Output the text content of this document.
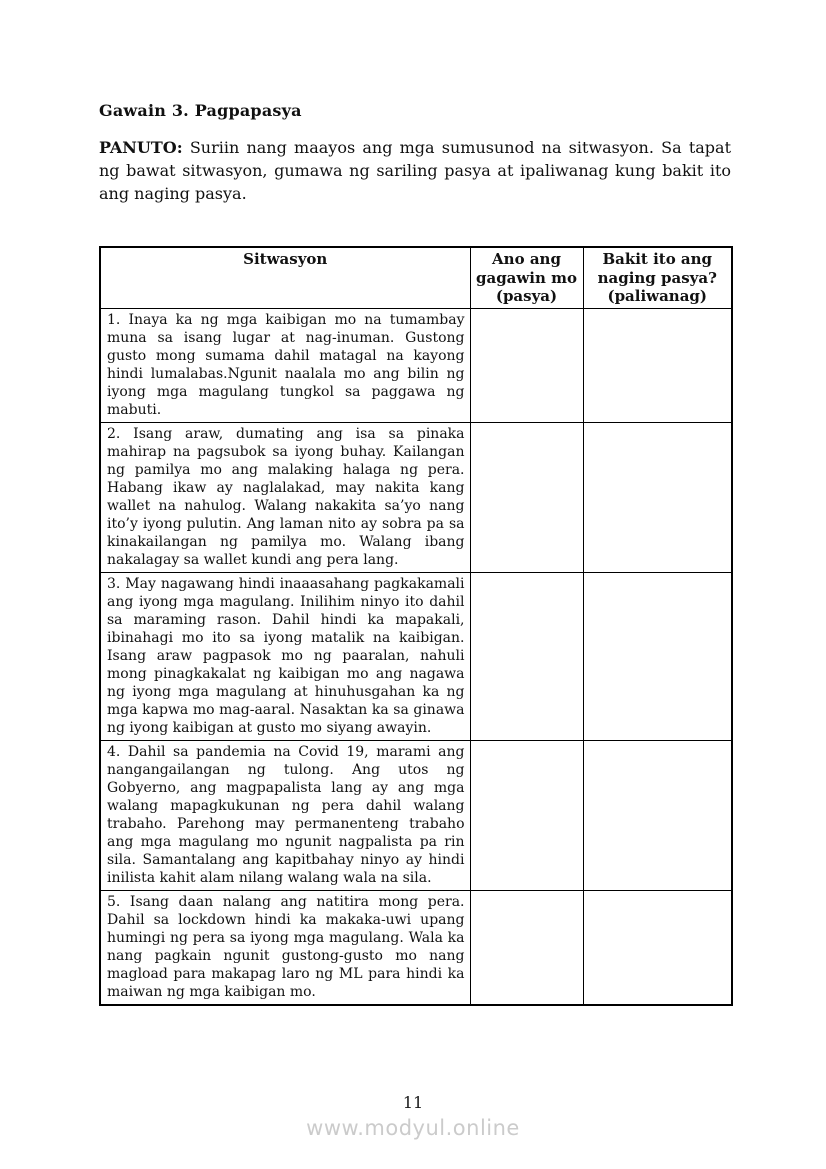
Gawain 3. Pagpapasya

PANUTO: Suriin nang maayos ang mga sumusunod na sitwasyon. Sa tapat ng bawat sitwasyon, gumawa ng sariling pasya at ipaliwanag kung bakit ito ang naging pasya.

Sitwasyon	Ano ang gagawin mo (pasya)	Bakit ito ang naging pasya? (paliwanag)
1. Inaya ka ng mga kaibigan mo na tumambay muna sa isang lugar at nag-inuman. Gustong gusto mong sumama dahil matagal na kayong hindi lumalabas.Ngunit naalala mo ang bilin ng iyong mga magulang tungkol sa paggawa ng mabuti.		
2. Isang araw, dumating ang isa sa pinaka mahirap na pagsubok sa iyong buhay. Kailangan ng pamilya mo ang malaking halaga ng pera. Habang ikaw ay naglalakad, may nakita kang wallet na nahulog. Walang nakakita sa’yo nang ito’y iyong pulutin. Ang laman nito ay sobra pa sa kinakailangan ng pamilya mo. Walang ibang nakalagay sa wallet kundi ang pera lang.		
3. May nagawang hindi inaaasahang pagkakamali ang iyong mga magulang. Inilihim ninyo ito dahil sa maraming rason. Dahil hindi ka mapakali, ibinahagi mo ito sa iyong matalik na kaibigan. Isang araw pagpasok mo ng paaralan, nahuli mong pinagkakalat ng kaibigan mo ang nagawa ng iyong mga magulang at hinuhusgahan ka ng mga kapwa mo mag-aaral. Nasaktan ka sa ginawa ng iyong kaibigan at gusto mo siyang awayin.		
4. Dahil sa pandemia na Covid 19, marami ang nangangailangan ng tulong. Ang utos ng Gobyerno, ang magpapalista lang ay ang mga walang mapagkukunan ng pera dahil walang trabaho. Parehong may permanenteng trabaho ang mga magulang mo ngunit nagpalista pa rin sila. Samantalang ang kapitbahay ninyo ay hindi inilista kahit alam nilang walang wala na sila.		
5. Isang daan nalang ang natitira mong pera. Dahil sa lockdown hindi ka makaka-uwi upang humingi ng pera sa iyong mga magulang. Wala ka nang pagkain ngunit gustong-gusto mo nang magload para makapag laro ng ML para hindi ka maiwan ng mga kaibigan mo.		
11
www.modyul.online
